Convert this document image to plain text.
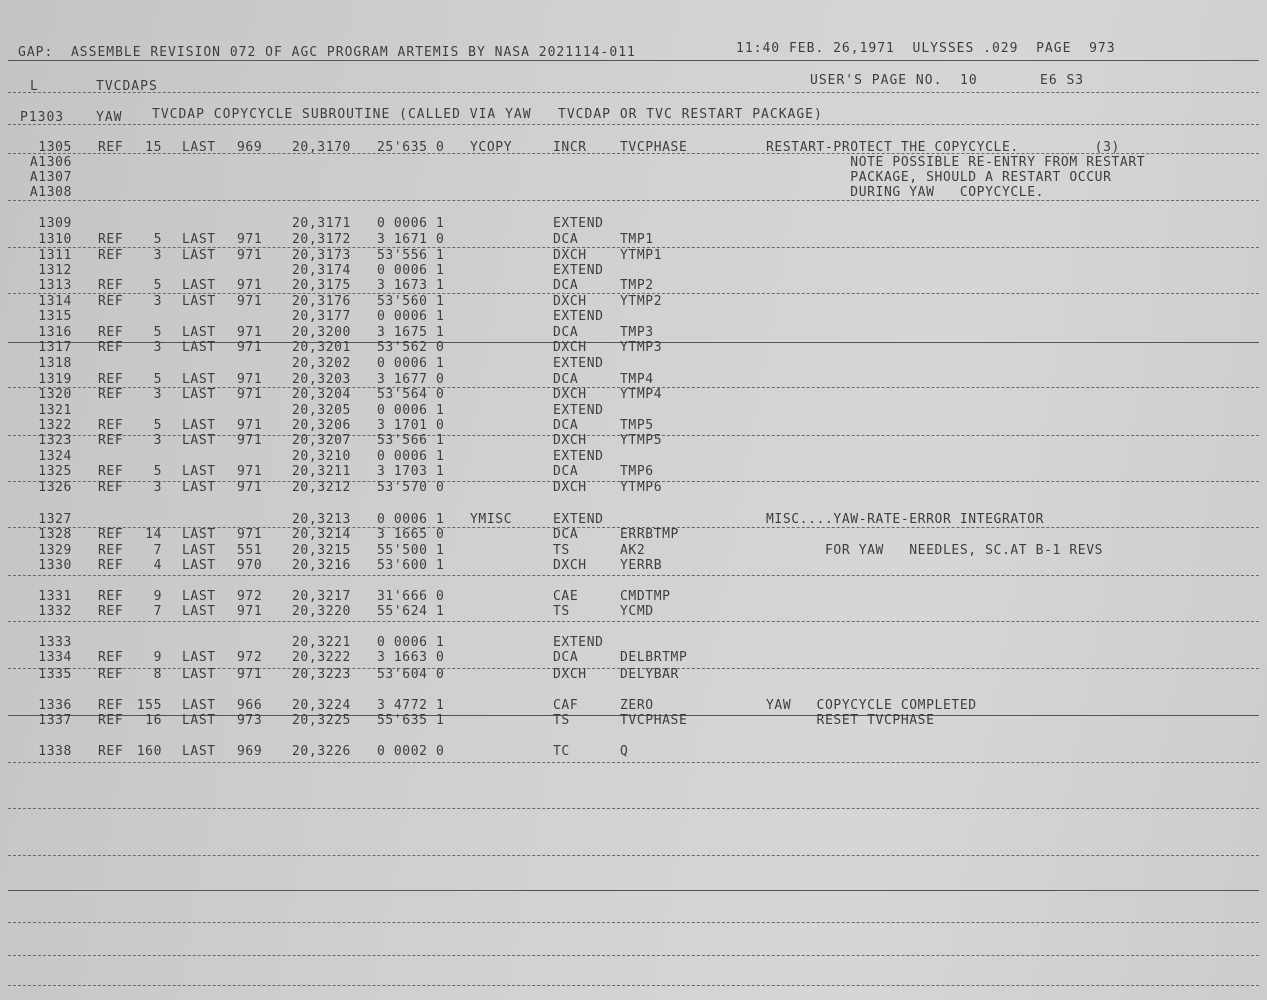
GAP:  ASSEMBLE REVISION 072 OF AGC PROGRAM ARTEMIS BY NASA 2021114-011	11:40 FEB. 26,1971  ULYSSES .029  PAGE  973
L	TVCDAPS	USER'S PAGE NO.  10	E6 S3
P1303 YAW TVCDAP COPYCYCLE SUBROUTINE (CALLED VIA YAW   TVCDAP OR TVC RESTART PACKAGE)
1305 REF	15 LAST 969 20,3170 25'635 0 YCOPY	INCR	TVCPHASE	RESTART-PROTECT THE COPYCYCLE.         (3)
A1306	NOTE POSSIBLE RE-ENTRY FROM RESTART
A1307	PACKAGE, SHOULD A RESTART OCCUR
A1308	DURING YAW   COPYCYCLE.
1309	20,3171 0 0006 1	EXTEND
1310 REF	5 LAST 971 20,3172 3 1671 0	DCA	TMP1
1311 REF	3 LAST 971 20,3173 53'556 1	DXCH	YTMP1
1312	20,3174 0 0006 1	EXTEND
1313 REF	5 LAST 971 20,3175 3 1673 1	DCA	TMP2
1314 REF	3 LAST 971 20,3176 53'560 1	DXCH	YTMP2
1315	20,3177 0 0006 1	EXTEND
1316 REF	5 LAST 971 20,3200 3 1675 1	DCA	TMP3
1317 REF	3 LAST 971 20,3201 53'562 0	DXCH	YTMP3
1318	20,3202 0 0006 1	EXTEND
1319 REF	5 LAST 971 20,3203 3 1677 0	DCA	TMP4
1320 REF	3 LAST 971 20,3204 53'564 0	DXCH	YTMP4
1321	20,3205 0 0006 1	EXTEND
1322 REF	5 LAST 971 20,3206 3 1701 0	DCA	TMP5
1323 REF	3 LAST 971 20,3207 53'566 1	DXCH	YTMP5
1324	20,3210 0 0006 1	EXTEND
1325 REF	5 LAST 971 20,3211 3 1703 1	DCA	TMP6
1326 REF	3 LAST 971 20,3212 53'570 0	DXCH	YTMP6
1327	20,3213 0 0006 1 YMISC	EXTEND	MISC....YAW-RATE-ERROR INTEGRATOR
1328 REF	14 LAST 971 20,3214 3 1665 0	DCA	ERRBTMP
1329 REF	7 LAST 551 20,3215 55'500 1	TS	AK2	FOR YAW   NEEDLES, SC.AT B-1 REVS
1330 REF	4 LAST 970 20,3216 53'600 1	DXCH	YERRB
1331 REF	9 LAST 972 20,3217 31'666 0	CAE	CMDTMP
1332 REF	7 LAST 971 20,3220 55'624 1	TS	YCMD
1333	20,3221 0 0006 1	EXTEND
1334 REF	9 LAST 972 20,3222 3 1663 0	DCA	DELBRTMP
1335 REF	8 LAST 971 20,3223 53'604 0	DXCH	DELYBAR
1336 REF	155 LAST 966 20,3224 3 4772 1	CAF	ZERO	YAW   COPYCYCLE COMPLETED
1337 REF	16 LAST 973 20,3225 55'635 1	TS	TVCPHASE	RESET TVCPHASE
1338 REF	160 LAST 969 20,3226 0 0002 0	TC	Q
